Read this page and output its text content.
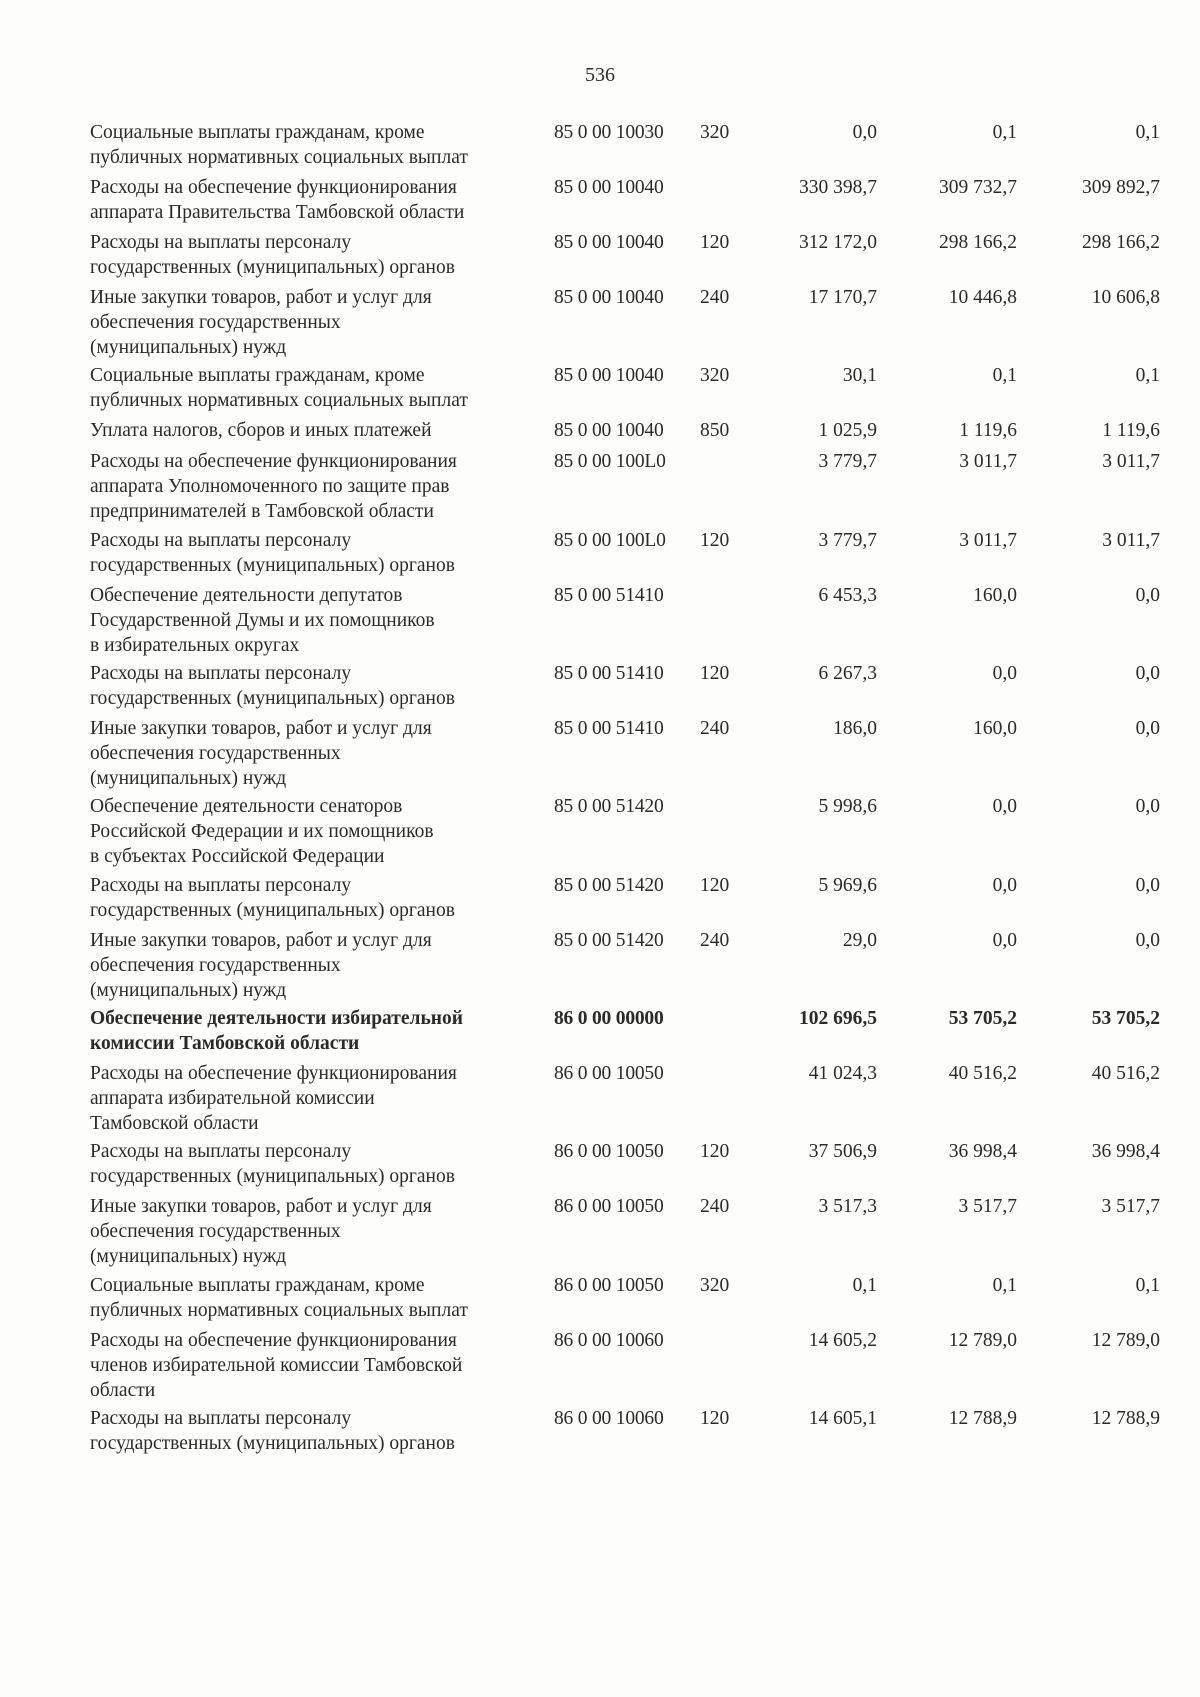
536
Социальные выплаты гражданам, кроме
публичных нормативных социальных выплат
85 0 00 10030 320	0,0	0,1	0,1
Расходы на обеспечение функционирования
аппарата Правительства Тамбовской области
85 0 00 10040	330 398,7	309 732,7	309 892,7
Расходы на выплаты персоналу
государственных (муниципальных) органов
85 0 00 10040 120	312 172,0	298 166,2	298 166,2
Иные закупки товаров, работ и услуг для
обеспечения государственных
(муниципальных) нужд
85 0 00 10040 240	17 170,7	10 446,8	10 606,8
Социальные выплаты гражданам, кроме
публичных нормативных социальных выплат
85 0 00 10040 320	30,1	0,1	0,1
Уплата налогов, сборов и иных платежей	85 0 00 10040 850	1 025,9	1 119,6	1 119,6
Расходы на обеспечение функционирования
аппарата Уполномоченного по защите прав
предпринимателей в Тамбовской области
85 0 00 100L0	3 779,7	3 011,7	3 011,7
Расходы на выплаты персоналу
государственных (муниципальных) органов
85 0 00 100L0 120	3 779,7	3 011,7	3 011,7
Обеспечение деятельности депутатов
Государственной Думы и их помощников
в избирательных округах
85 0 00 51410	6 453,3	160,0	0,0
Расходы на выплаты персоналу
государственных (муниципальных) органов
85 0 00 51410 120	6 267,3	0,0	0,0
Иные закупки товаров, работ и услуг для
обеспечения государственных
(муниципальных) нужд
85 0 00 51410 240	186,0	160,0	0,0
Обеспечение деятельности сенаторов
Российской Федерации и их помощников
в субъектах Российской Федерации
85 0 00 51420	5 998,6	0,0	0,0
Расходы на выплаты персоналу
государственных (муниципальных) органов
85 0 00 51420 120	5 969,6	0,0	0,0
Иные закупки товаров, работ и услуг для
обеспечения государственных
(муниципальных) нужд
85 0 00 51420 240	29,0	0,0	0,0
Обеспечение деятельности избирательной
комиссии Тамбовской области
86 0 00 00000	102 696,5	53 705,2	53 705,2
Расходы на обеспечение функционирования
аппарата избирательной комиссии
Тамбовской области
86 0 00 10050	41 024,3	40 516,2	40 516,2
Расходы на выплаты персоналу
государственных (муниципальных) органов
86 0 00 10050 120	37 506,9	36 998,4	36 998,4
Иные закупки товаров, работ и услуг для
обеспечения государственных
(муниципальных) нужд
86 0 00 10050 240	3 517,3	3 517,7	3 517,7
Социальные выплаты гражданам, кроме
публичных нормативных социальных выплат
86 0 00 10050 320	0,1	0,1	0,1
Расходы на обеспечение функционирования
членов избирательной комиссии Тамбовской
области
86 0 00 10060	14 605,2	12 789,0	12 789,0
Расходы на выплаты персоналу
государственных (муниципальных) органов
86 0 00 10060 120	14 605,1	12 788,9	12 788,9
